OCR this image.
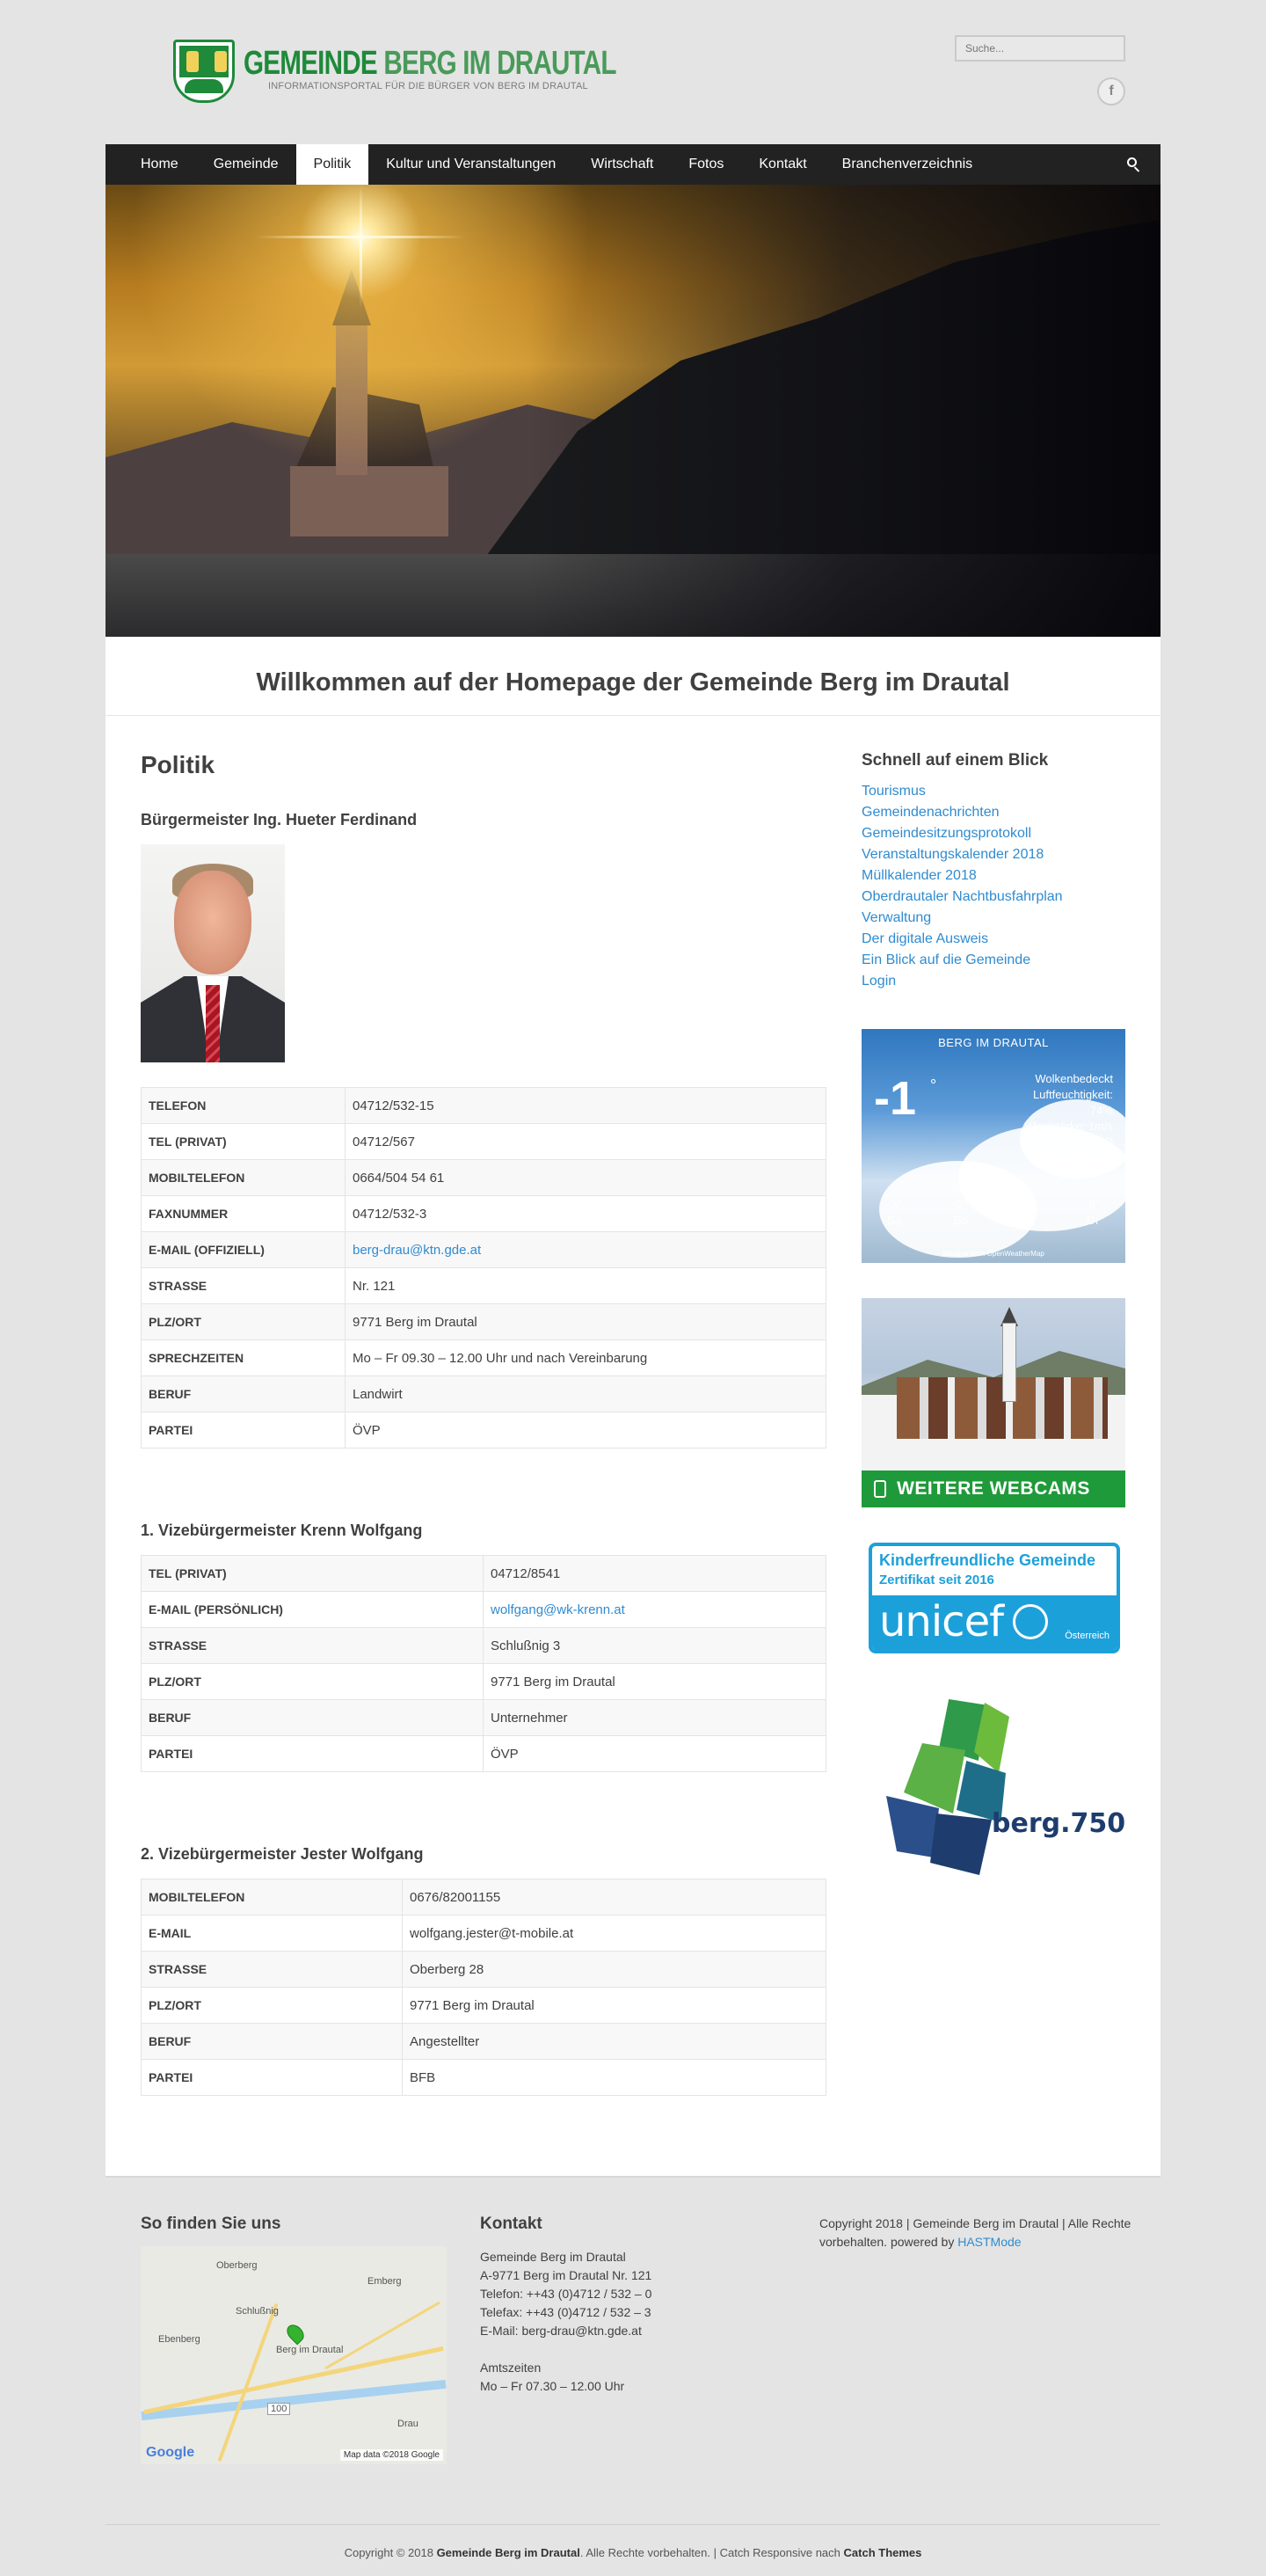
GEMEINDE BERG IM DRAUTAL
INFORMATIONSPORTAL FÜR DIE BÜRGER VON BERG IM DRAUTAL
Suche...	f
Home	Gemeinde	Politik	Kultur und Veranstaltungen	Wirtschaft	Fotos	Kontakt	Branchenverzeichnis
Willkommen auf der Homepage der Gemeinde Berg im Drautal
Politik
Bürgermeister Ing. Hueter Ferdinand
TELEFON	04712/532-15
TEL (PRIVAT)	04712/567
MOBILTELEFON	0664/504 54 61
FAXNUMMER	04712/532-3
E-MAIL (OFFIZIELL)	berg-drau@ktn.gde.at
STRASSE	Nr. 121
PLZ/ORT	9771 Berg im Drautal
SPRECHZEITEN	Mo – Fr 09.30 – 12.00 Uhr und nach Vereinbarung
BERUF	Landwirt
PARTEI	ÖVP
1. Vizebürgermeister Krenn Wolfgang
TEL (PRIVAT)	04712/8541
E-MAIL (PERSÖNLICH)	wolfgang@wk-krenn.at
STRASSE	Schlußnig 3
PLZ/ORT	9771 Berg im Drautal
BERUF	Unternehmer
PARTEI	ÖVP
2. Vizebürgermeister Jester Wolfgang
MOBILTELEFON	0676/82001155
E-MAIL	wolfgang.jester@t-mobile.at
STRASSE	Oberberg 28
PLZ/ORT	9771 Berg im Drautal
BERUF	Angestellter
PARTEI	BFB
Schnell auf einem Blick
Tourismus
Gemeindenachrichten
Gemeindesitzungsprotokoll
Veranstaltungskalender 2018
Müllkalender 2018
Oberdrautaler Nachtbusfahrplan
Verwaltung
Der digitale Ausweis
Ein Blick auf die Gemeinde
Login
BERG IM DRAUTAL
-1 °	Wolkenbedeckt
Luftfeuchtigkeit:
74%
Windstärke: 1m/s
NNO
MAX 1 • MIN -4
-3°
Sa
-2°
So
2°
Mo
-6°
Di
Weather from OpenWeatherMap
WEITERE WEBCAMS
Kinderfreundliche Gemeinde
Zertifikat seit 2016
unicef	Österreich
berg.750
So finden Sie uns
Berg im Drautal
Schlußnig
Emberg
Oberberg
Ebenberg
100
Drau
Google	Map data ©2018 Google
Kontakt
Gemeinde Berg im Drautal
A-9771 Berg im Drautal Nr. 121
Telefon: ++43 (0)4712 / 532 – 0
Telefax: ++43 (0)4712 / 532 – 3
E-Mail: berg-drau@ktn.gde.at
Amtszeiten
Mo – Fr 07.30 – 12.00 Uhr
Copyright 2018 | Gemeinde Berg im Drautal | Alle Rechte vorbehalten. powered by HASTMode
Copyright © 2018 Gemeinde Berg im Drautal. Alle Rechte vorbehalten. | Catch Responsive nach Catch Themes
